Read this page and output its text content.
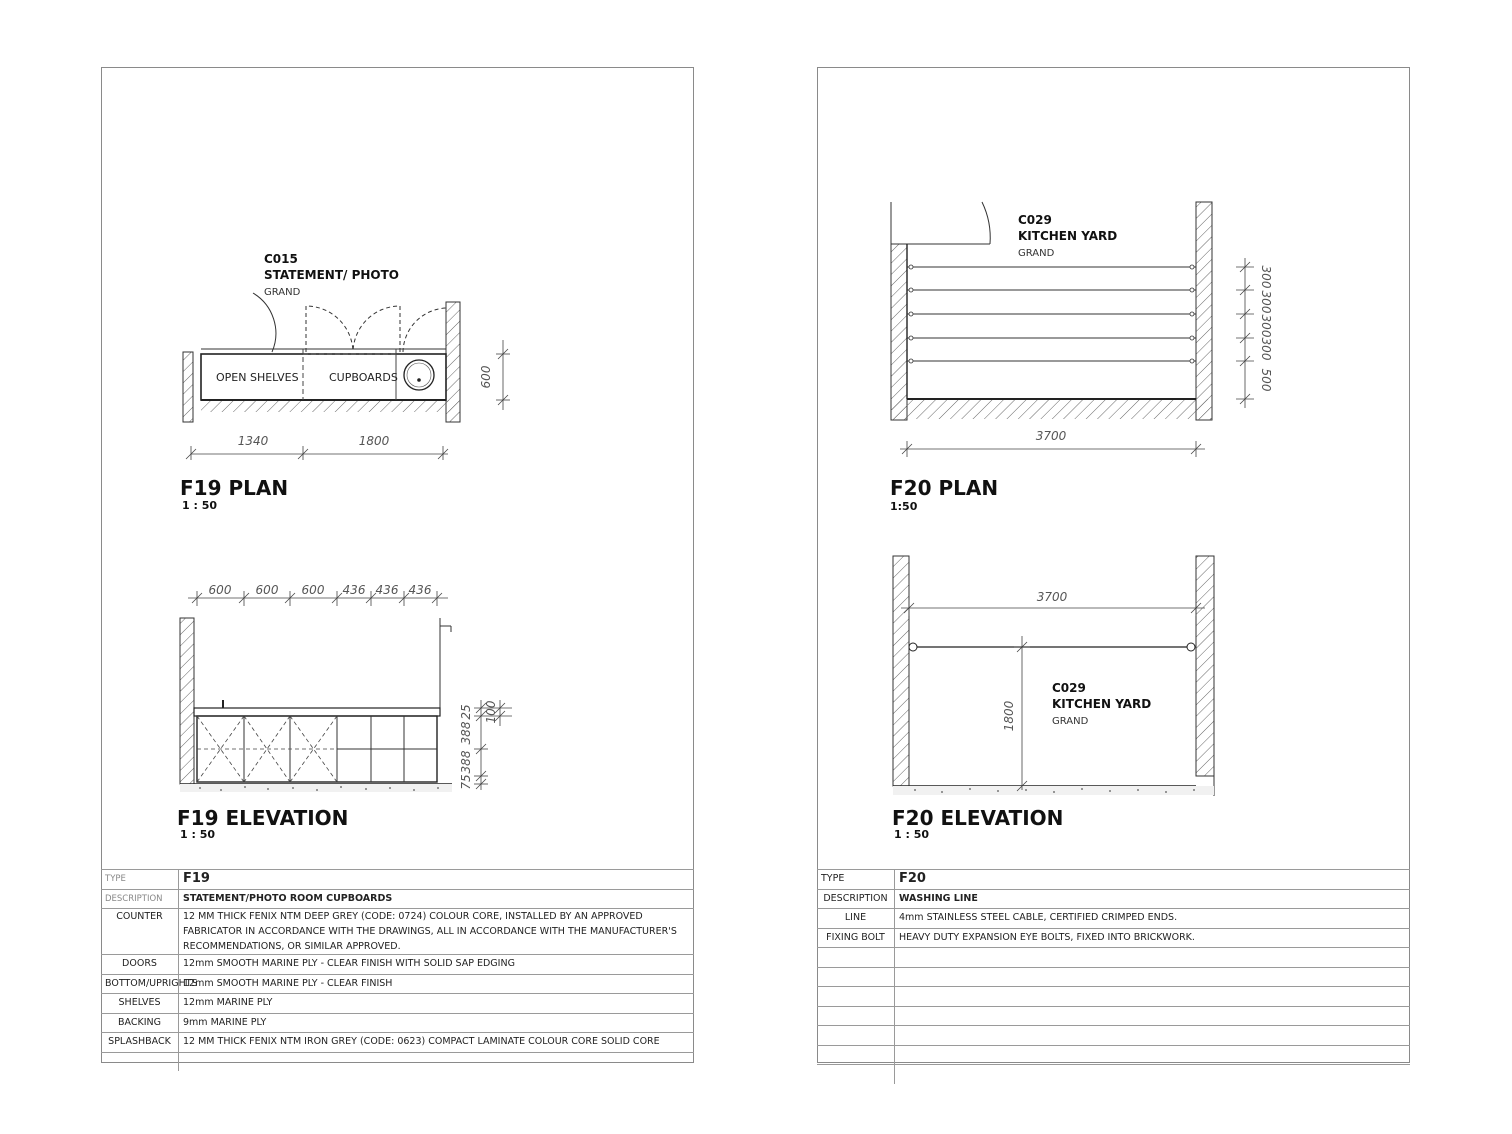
C015
STATEMENT/ PHOTO
GRAND
OPEN SHELVES	CUPBOARDS	600
1340	1800
F19 PLAN
1 : 50
600 600 600 436 436 436
100
25
388
388
75
F19 ELEVATION
1 : 50
C029
KITCHEN YARD
GRAND
300
300
300
300
500
3700
F20 PLAN
1:50
3700
1800
C029
KITCHEN YARD
GRAND
F20 ELEVATION
1 : 50
TYPE	F19
DESCRIPTION	STATEMENT/PHOTO ROOM CUPBOARDS
COUNTER	12 MM THICK FENIX NTM DEEP GREY (CODE: 0724) COLOUR CORE, INSTALLED BY AN APPROVED FABRICATOR IN ACCORDANCE WITH THE DRAWINGS, ALL IN ACCORDANCE WITH THE MANUFACTURER'S RECOMMENDATIONS, OR SIMILAR APPROVED.
DOORS	12mm SMOOTH MARINE PLY - CLEAR FINISH WITH SOLID SAP EDGING
BOTTOM/UPRIGHTS	12mm SMOOTH MARINE PLY - CLEAR FINISH
SHELVES	12mm MARINE PLY
BACKING	9mm MARINE PLY
SPLASHBACK	12 MM THICK FENIX NTM IRON GREY (CODE: 0623) COMPACT LAMINATE COLOUR CORE SOLID CORE

TYPE	F20
DESCRIPTION	WASHING LINE
LINE	4mm STAINLESS STEEL CABLE, CERTIFIED CRIMPED ENDS.
FIXING BOLT	HEAVY DUTY EXPANSION EYE BOLTS, FIXED INTO BRICKWORK.
